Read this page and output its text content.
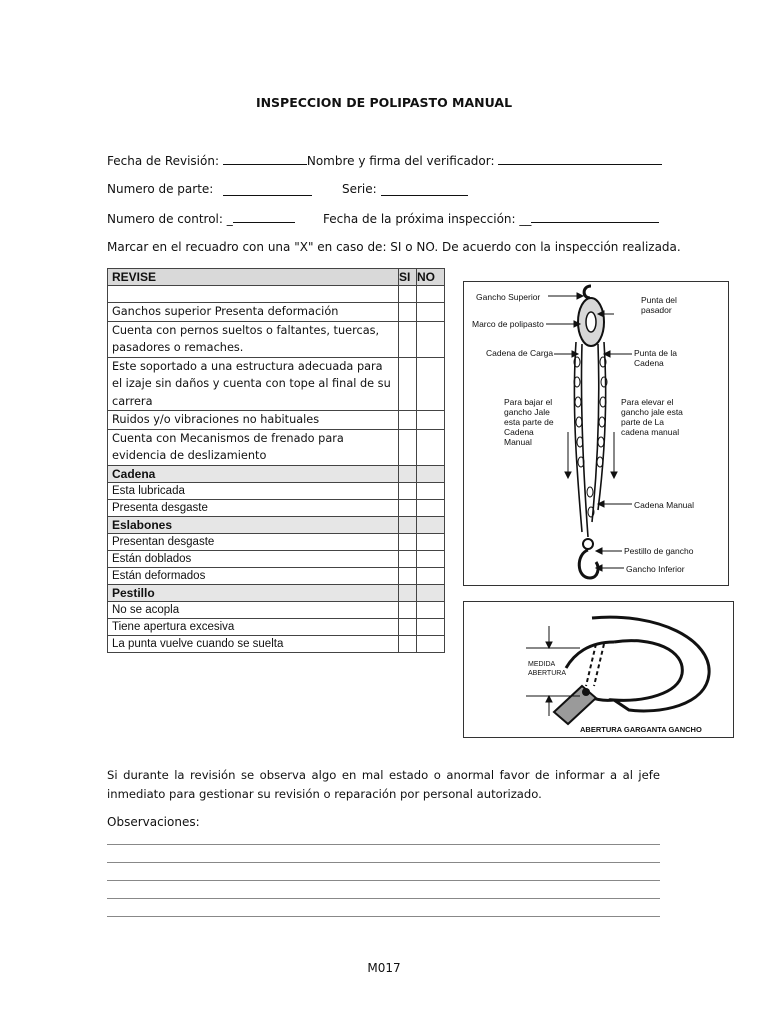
INSPECCION DE POLIPASTO MANUAL
Fecha de Revisión:	Nombre y firma del verificador:
Numero de parte:	Serie:
Numero de control: _	Fecha de la próxima inspección: __
Marcar en el recuadro con una "X" en caso de: SI o NO. De acuerdo con la inspección realizada.
REVISE	SI	NO

Ganchos superior Presenta deformación		
Cuenta con pernos sueltos o faltantes, tuercas, pasadores o remaches.		
Este soportado a una estructura adecuada para el izaje sin daños y cuenta con tope al final de su carrera		
Ruidos y/o vibraciones no habituales		
Cuenta con Mecanismos de frenado para evidencia de deslizamiento		
Cadena		
Esta lubricada		
Presenta desgaste		
Eslabones		
Presentan desgaste		
Están doblados		
Están deformados		
Pestillo		
No se acopla		
Tiene apertura excesiva		
La punta vuelve cuando se suelta		
Gancho Superior
Marco de polipasto
Cadena de Carga
Punta del pasador
Punta de la Cadena
Para bajar el gancho Jale esta parte de Cadena Manual
Para elevar el gancho jale esta parte de La cadena manual
Cadena Manual
Pestillo de gancho
Gancho Inferior
MEDIDA ABERTURA
ABERTURA GARGANTA GANCHO
Si durante la revisión se observa algo en mal estado o anormal favor de informar a al jefe inmediato para gestionar su revisión o reparación por personal autorizado.
Observaciones:
M017
